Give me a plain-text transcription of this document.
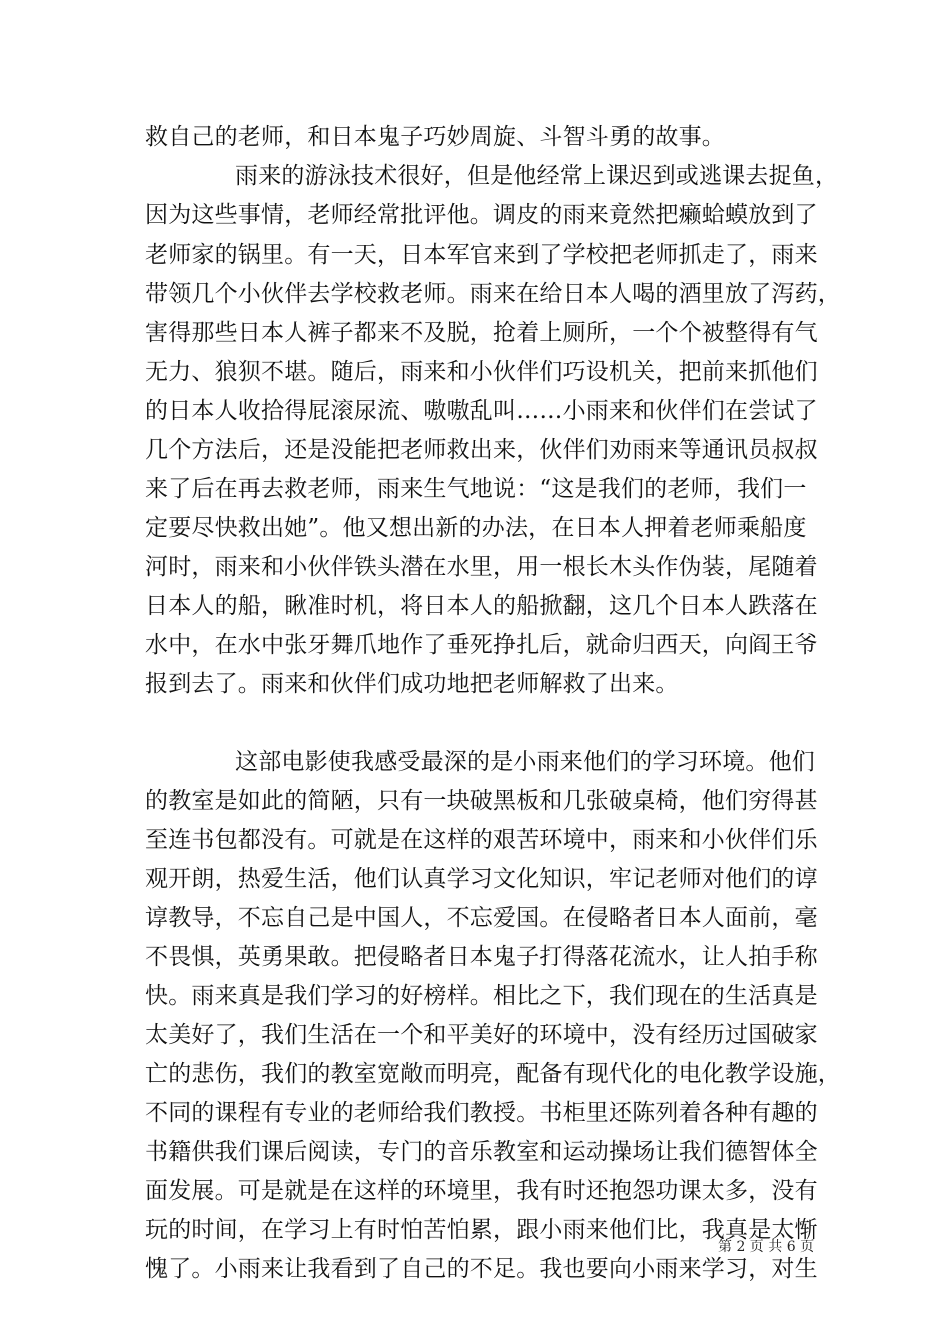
救自己的老师，和日本鬼子巧妙周旋、斗智斗勇的故事。
雨来的游泳技术很好，但是他经常上课迟到或逃课去捉鱼，
因为这些事情，老师经常批评他。调皮的雨来竟然把癞蛤蟆放到了
老师家的锅里。有一天，日本军官来到了学校把老师抓走了，雨来
带领几个小伙伴去学校救老师。雨来在给日本人喝的酒里放了泻药，
害得那些日本人裤子都来不及脱，抢着上厕所，一个个被整得有气
无力、狼狈不堪。随后，雨来和小伙伴们巧设机关，把前来抓他们
的日本人收拾得屁滚尿流、嗷嗷乱叫……小雨来和伙伴们在尝试了
几个方法后，还是没能把老师救出来，伙伴们劝雨来等通讯员叔叔
来了后在再去救老师，雨来生气地说：“这是我们的老师，我们一
定要尽快救出她”。他又想出新的办法，在日本人押着老师乘船度
河时，雨来和小伙伴铁头潜在水里，用一根长木头作伪装，尾随着
日本人的船，瞅准时机，将日本人的船掀翻，这几个日本人跌落在
水中，在水中张牙舞爪地作了垂死挣扎后，就命归西天，向阎王爷
报到去了。雨来和伙伴们成功地把老师解救了出来。
这部电影使我感受最深的是小雨来他们的学习环境。他们
的教室是如此的简陋，只有一块破黑板和几张破桌椅，他们穷得甚
至连书包都没有。可就是在这样的艰苦环境中，雨来和小伙伴们乐
观开朗，热爱生活，他们认真学习文化知识，牢记老师对他们的谆
谆教导，不忘自己是中国人，不忘爱国。在侵略者日本人面前，毫
不畏惧，英勇果敢。把侵略者日本鬼子打得落花流水，让人拍手称
快。雨来真是我们学习的好榜样。相比之下，我们现在的生活真是
太美好了，我们生活在一个和平美好的环境中，没有经历过国破家
亡的悲伤，我们的教室宽敞而明亮，配备有现代化的电化教学设施，
不同的课程有专业的老师给我们教授。书柜里还陈列着各种有趣的
书籍供我们课后阅读，专门的音乐教室和运动操场让我们德智体全
面发展。可是就是在这样的环境里，我有时还抱怨功课太多，没有
玩的时间，在学习上有时怕苦怕累，跟小雨来他们比，我真是太惭
愧了。小雨来让我看到了自己的不足。我也要向小雨来学习，对生
第 2 页 共 6 页
